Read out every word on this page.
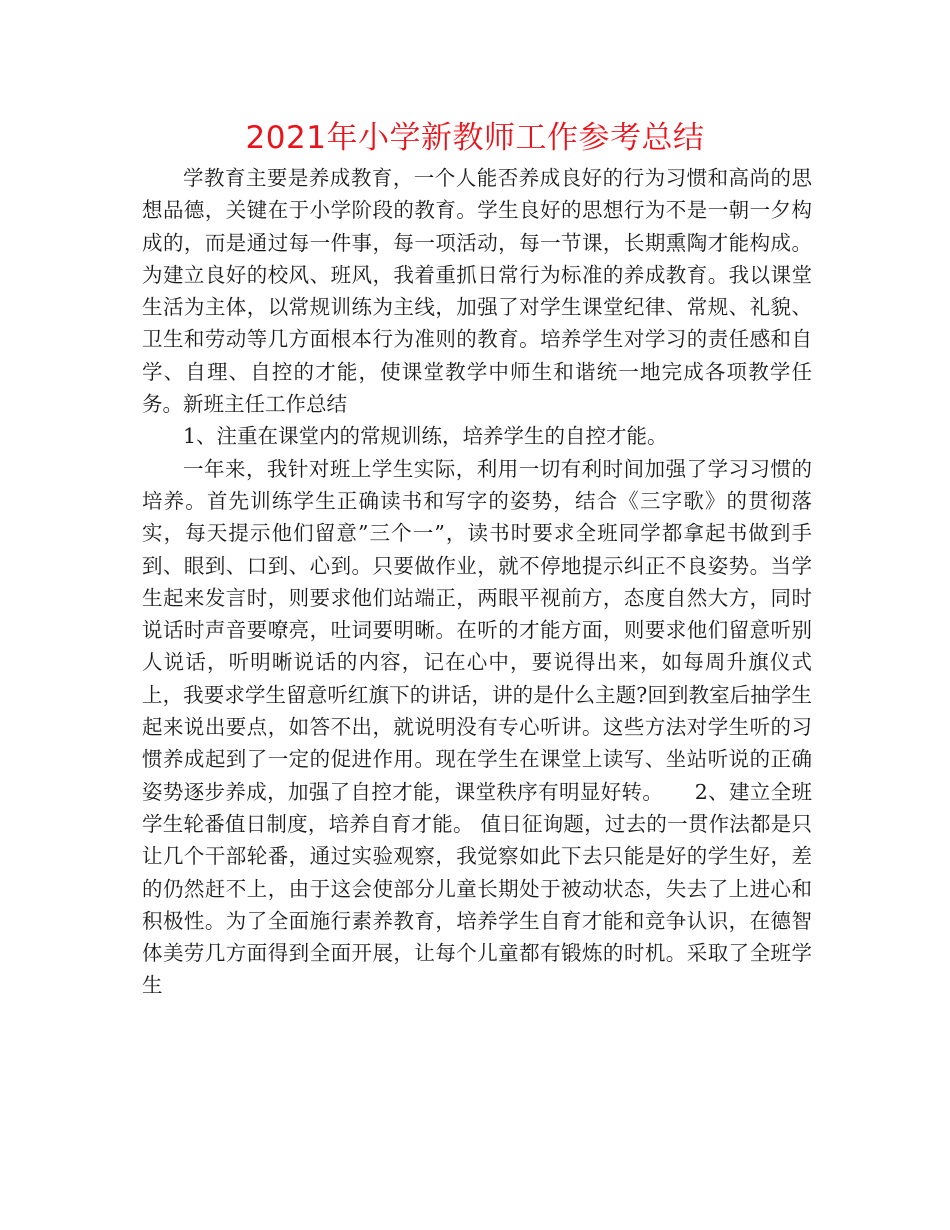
2021年小学新教师工作参考总结

学教育主要是养成教育，一个人能否养成良好的行为习惯和高尚的思想品德，关键在于小学阶段的教育。学生良好的思想行为不是一朝一夕构成的，而是通过每一件事，每一项活动，每一节课，长期熏陶才能构成。为建立良好的校风、班风，我着重抓日常行为标准的养成教育。我以课堂生活为主体，以常规训练为主线，加强了对学生课堂纪律、常规、礼貌、卫生和劳动等几方面根本行为准则的教育。培养学生对学习的责任感和自学、自理、自控的才能，使课堂教学中师生和谐统一地完成各项教学任务。新班主任工作总结

1、注重在课堂内的常规训练，培养学生的自控才能。

一年来，我针对班上学生实际，利用一切有利时间加强了学习习惯的培养。首先训练学生正确读书和写字的姿势，结合《三字歌》的贯彻落实，每天提示他们留意”三个一”，读书时要求全班同学都拿起书做到手到、眼到、口到、心到。只要做作业，就不停地提示纠正不良姿势。当学生起来发言时，则要求他们站端正，两眼平视前方，态度自然大方，同时说话时声音要嘹亮，吐词要明晰。在听的才能方面，则要求他们留意听别人说话，听明晰说话的内容，记在心中，要说得出来，如每周升旗仪式上，我要求学生留意听红旗下的讲话，讲的是什么主题?回到教室后抽学生起来说出要点，如答不出，就说明没有专心听讲。这些方法对学生听的习惯养成起到了一定的促进作用。现在学生在课堂上读写、坐站听说的正确姿势逐步养成，加强了自控才能，课堂秩序有明显好转。　　2、建立全班学生轮番值日制度，培养自育才能。 值日征询题，过去的一贯作法都是只让几个干部轮番，通过实验观察，我觉察如此下去只能是好的学生好，差的仍然赶不上，由于这会使部分儿童长期处于被动状态，失去了上进心和积极性。为了全面施行素养教育，培养学生自育才能和竞争认识，在德智体美劳几方面得到全面开展，让每个儿童都有锻炼的时机。采取了全班学生
